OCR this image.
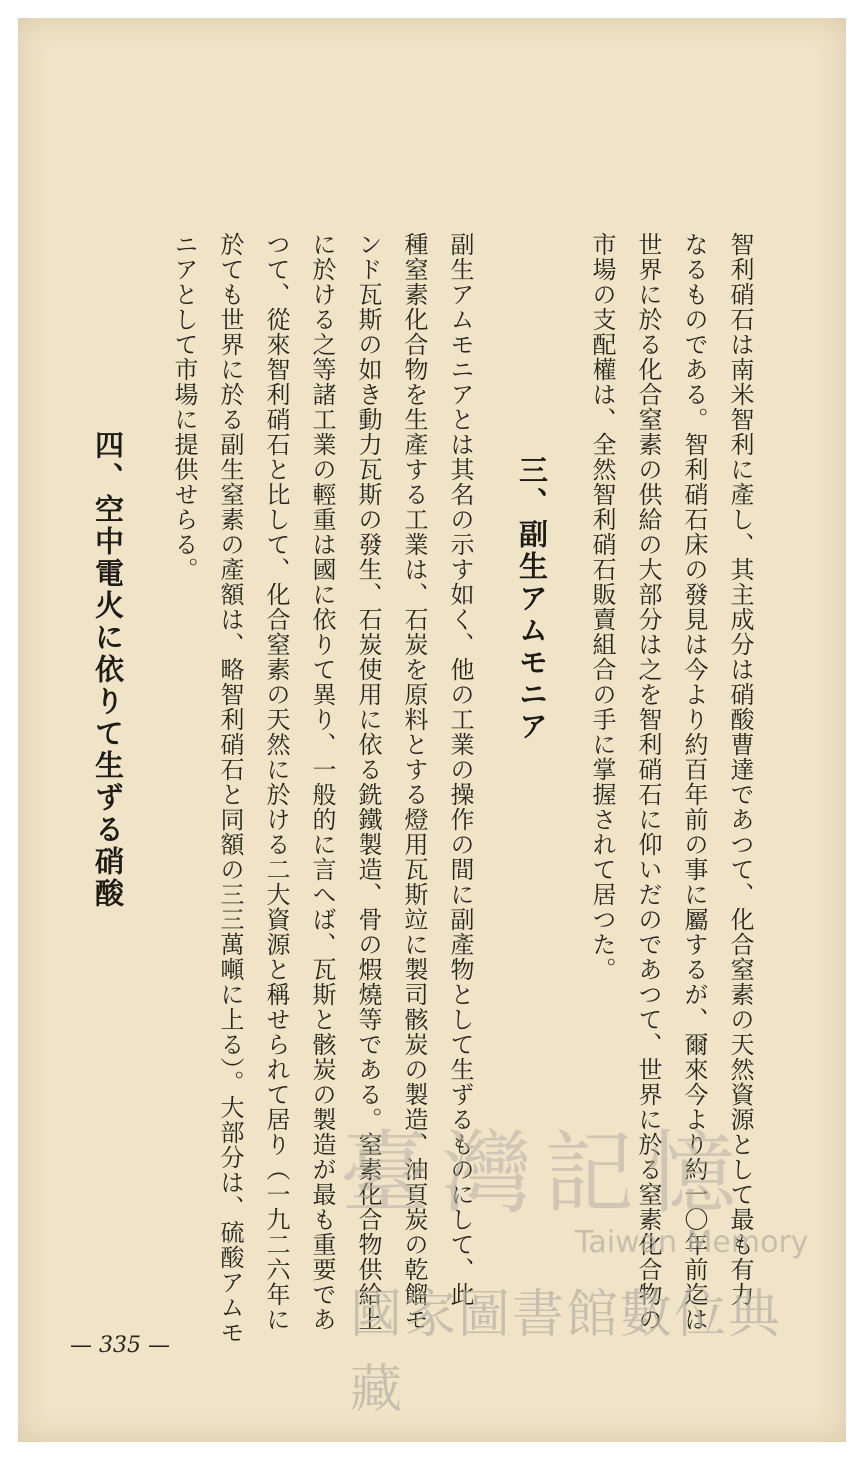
智利硝石は南米智利に產し、其主成分は硝酸曹達であつて、化合窒素の天然資源として最も有力
なるものである。智利硝石床の發見は今より約百年前の事に屬するが、爾來今より約一〇年前迄は
世界に於る化合窒素の供給の大部分は之を智利硝石に仰いだのであつて、世界に於る窒素化合物の
市場の支配權は、全然智利硝石販賣組合の手に掌握されて居つた。
三、副生アムモニア
副生アムモニアとは其名の示す如く、他の工業の操作の間に副產物として生ずるものにして、此
種窒素化合物を生產する工業は、石炭を原料とする燈用瓦斯竝に製司骸炭の製造、油頁炭の乾餾モ
ンド瓦斯の如き動力瓦斯の發生、石炭使用に依る銑鐵製造、骨の煆燒等である。窒素化合物供給上
に於ける之等諸工業の輕重は國に依りて異り、一般的に言へば、瓦斯と骸炭の製造が最も重要であ
つて、從來智利硝石と比して、化合窒素の天然に於ける二大資源と稱せられて居り（一九二六年に
於ても世界に於る副生窒素の產額は、略智利硝石と同額の三三萬噸に上る）。大部分は、硫酸アムモ
ニアとして市場に提供せらる。
四、空中電火に依りて生ずる硝酸
— 335 —
臺灣記憶
Taiwan Memory
國家圖書館數位典藏
